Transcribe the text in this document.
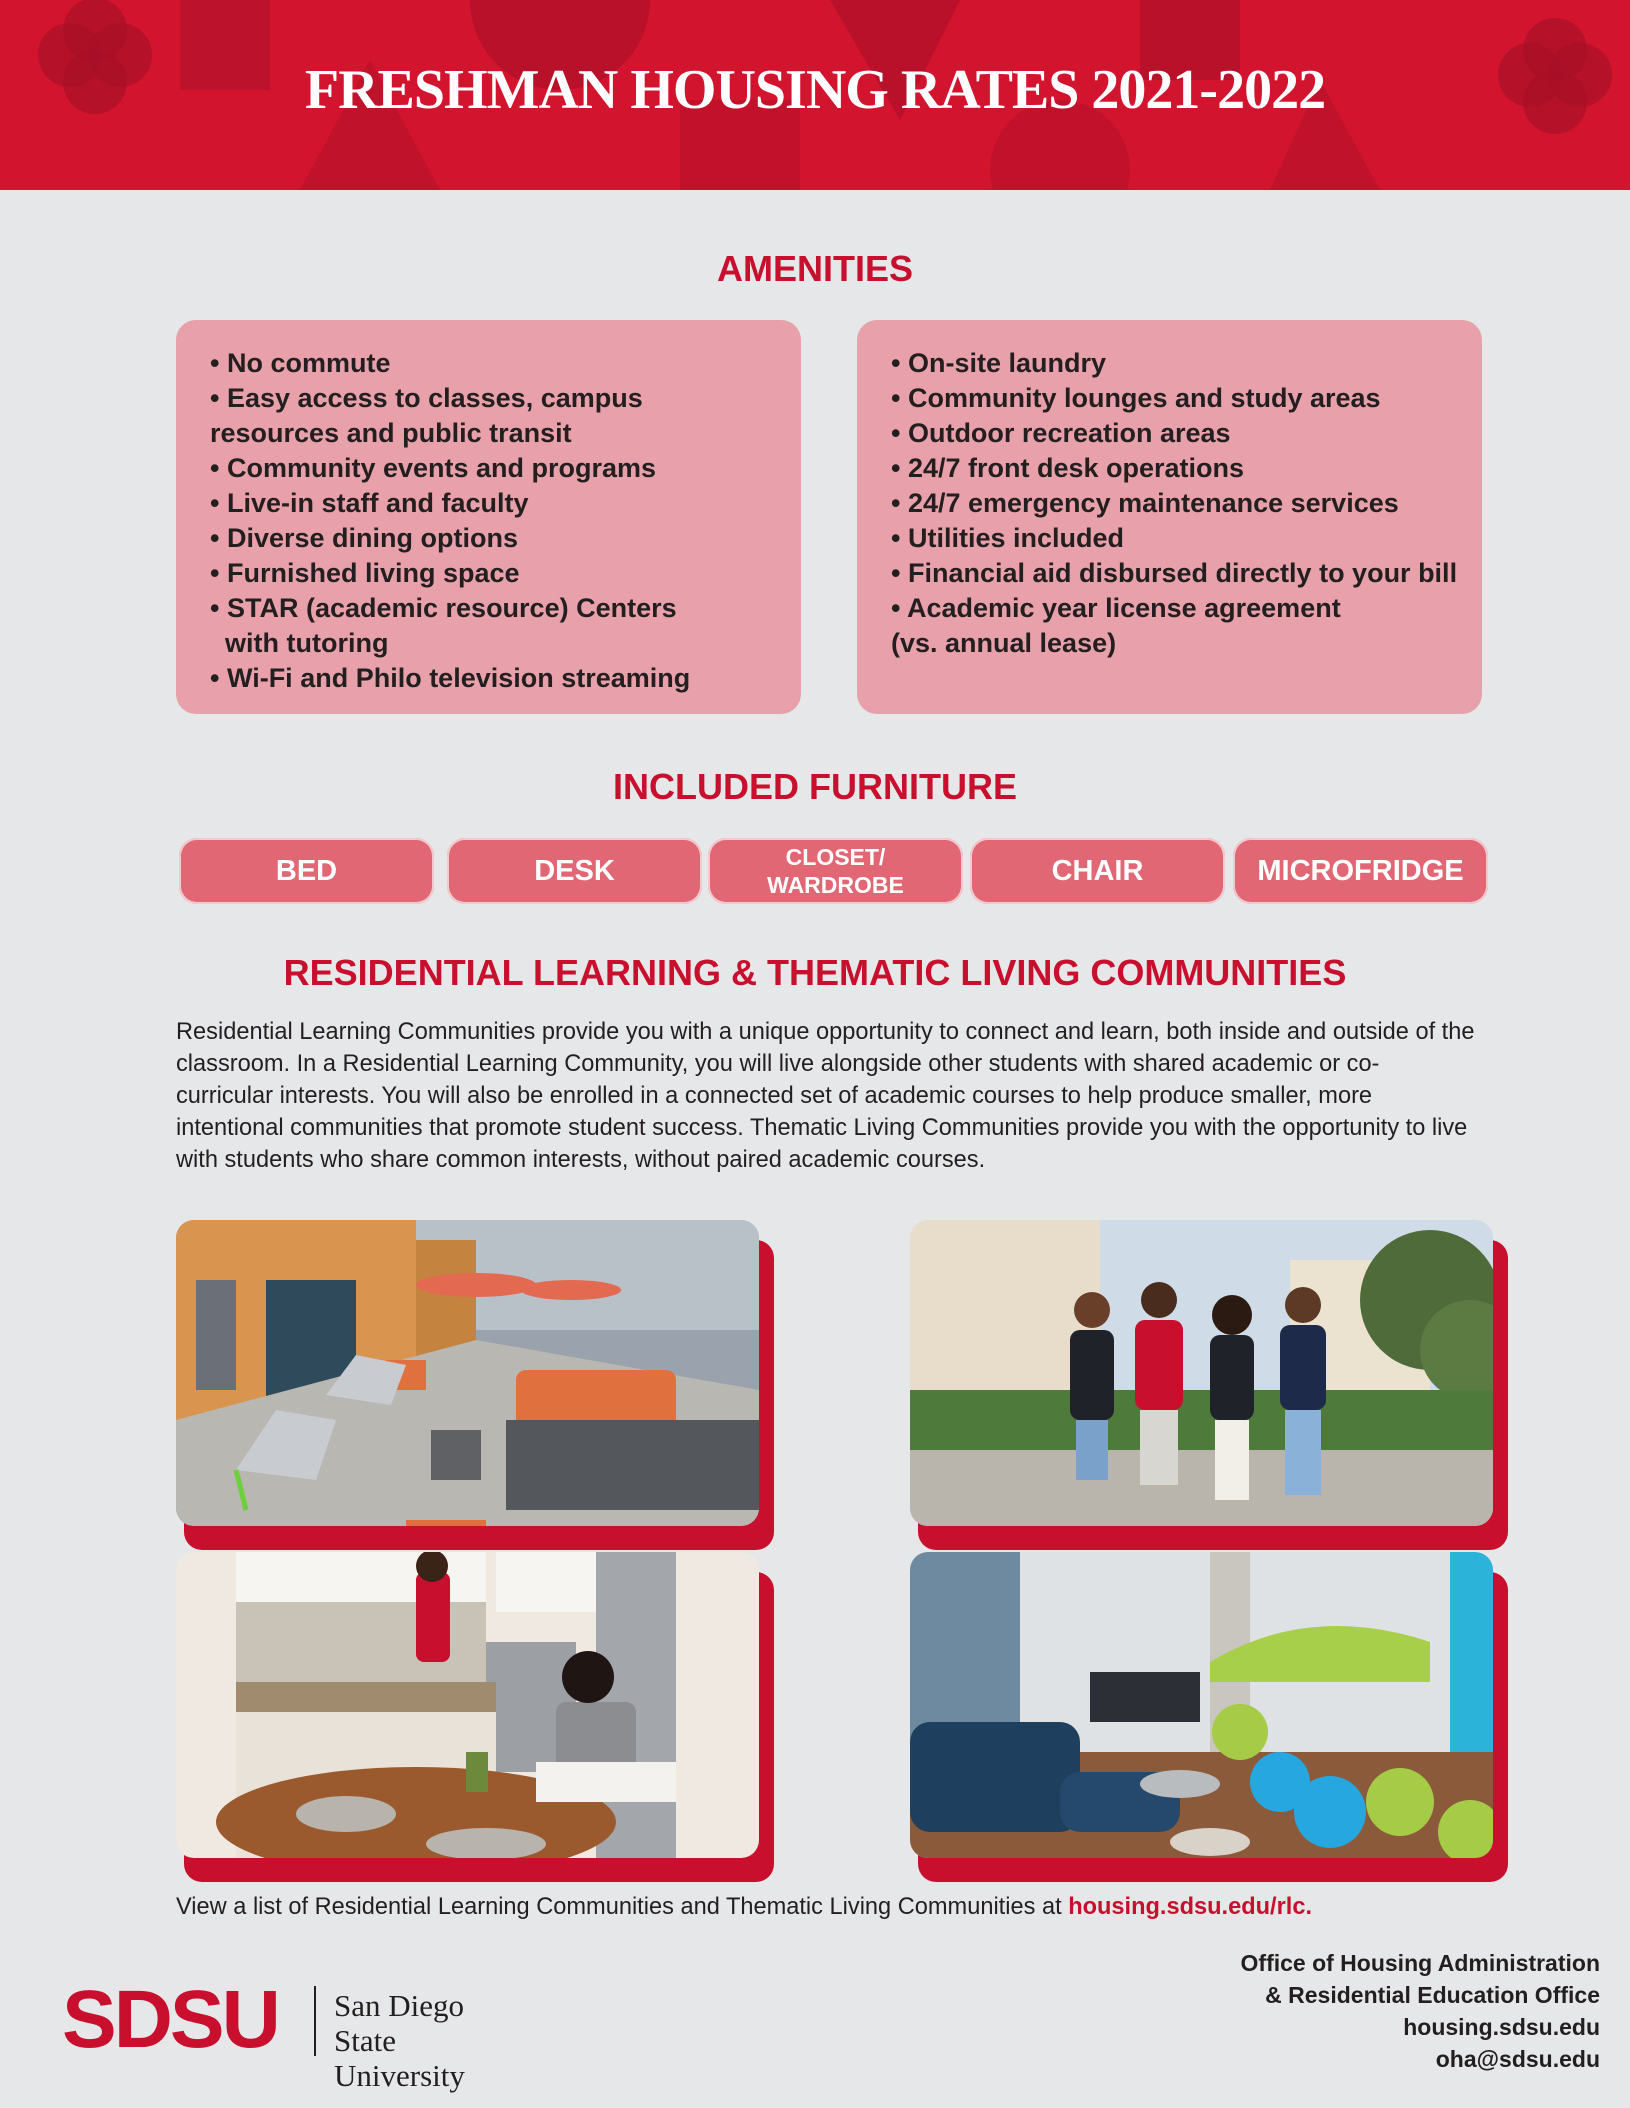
FRESHMAN HOUSING RATES 2021-2022
AMENITIES
• No commute
• Easy access to classes, campus
resources and public transit
• Community events and programs
• Live-in staff and faculty
• Diverse dining options
• Furnished living space
• STAR (academic resource) Centers
with tutoring
• Wi-Fi and Philo television streaming
• On-site laundry
• Community lounges and study areas
• Outdoor recreation areas
• 24/7 front desk operations
• 24/7 emergency maintenance services
• Utilities included
• Financial aid disbursed directly to your bill
• Academic year license agreement
(vs. annual lease)
INCLUDED FURNITURE
BED	DESK	CLOSET/
WARDROBE	CHAIR	MICROFRIDGE
RESIDENTIAL LEARNING & THEMATIC LIVING COMMUNITIES
Residential Learning Communities provide you with a unique opportunity to connect and learn, both inside and outside of the classroom. In a Residential Learning Community, you will live alongside other students with shared academic or co-curricular interests. You will also be enrolled in a connected set of academic courses to help produce smaller, more intentional communities that promote student success. Thematic Living Communities provide you with the opportunity to live with students who share common interests, without paired academic courses.
View a list of Residential Learning Communities and Thematic Living Communities at housing.sdsu.edu/rlc.
SDSU San Diego State
University
Office of Housing Administration
& Residential Education Office
housing.sdsu.edu
oha@sdsu.edu
